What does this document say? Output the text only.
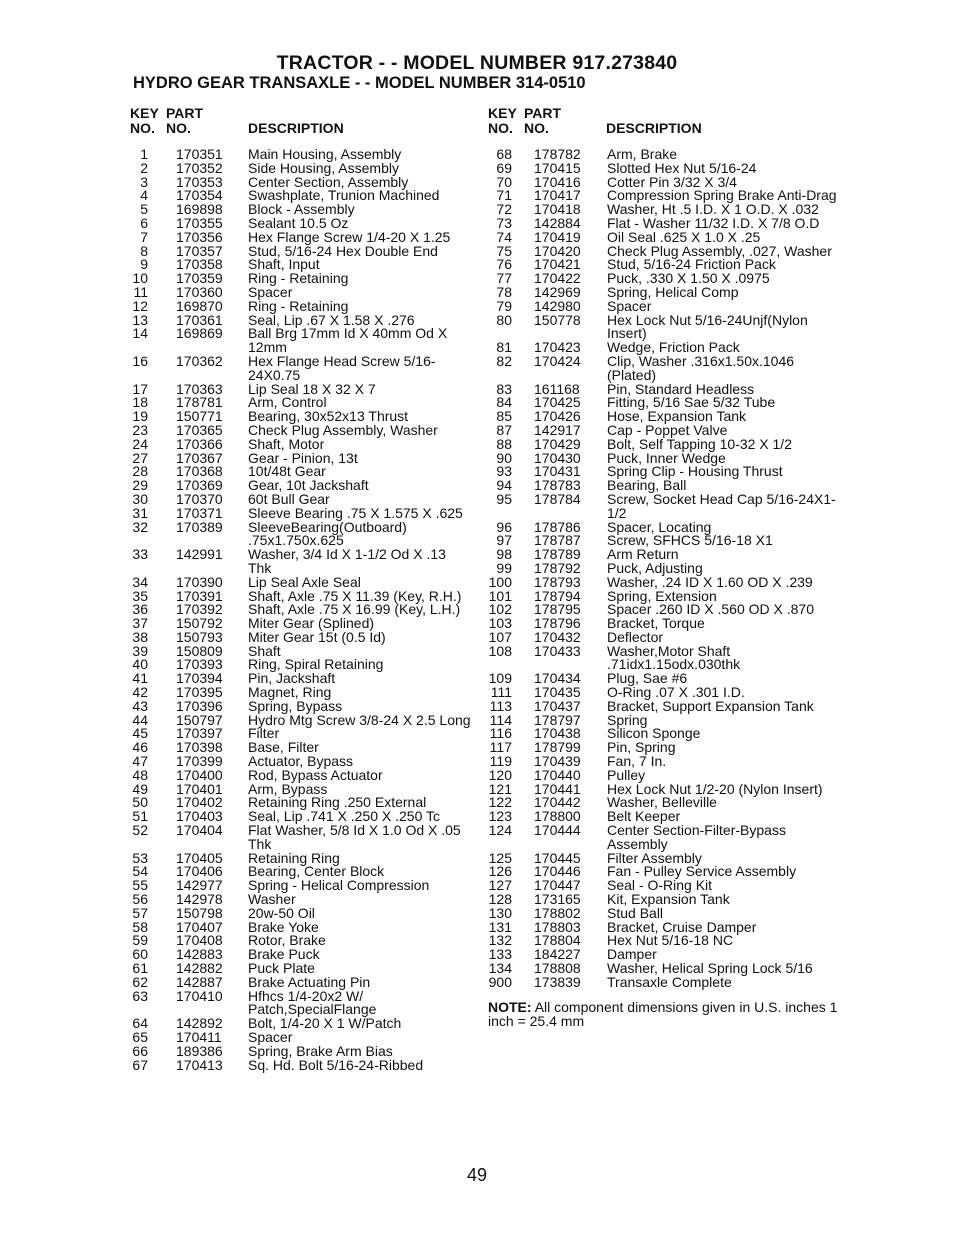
TRACTOR - - MODEL NUMBER 917.273840
HYDRO GEAR TRANSAXLE - - MODEL NUMBER 314-0510
KEY
NO.
PART
NO.	DESCRIPTION
1 170351 Main Housing, Assembly
2 170352 Side Housing, Assembly
3 170353 Center Section, Assembly
4 170354 Swashplate, Trunion Machined
5 169898 Block - Assembly
6 170355 Sealant 10.5 Oz
7 170356 Hex Flange Screw 1/4-20 X 1.25
8 170357 Stud, 5/16-24 Hex Double End
9 170358 Shaft, Input
10 170359 Ring - Retaining
11 170360 Spacer
12 169870 Ring - Retaining
13 170361 Seal, Lip .67 X 1.58 X .276
14 169869 Ball Brg 17mm Id X 40mm Od X 12mm
16 170362 Hex Flange Head Screw 5/16-24X0.75
17 170363 Lip Seal 18 X 32 X 7
18 178781 Arm, Control
19 150771 Bearing, 30x52x13 Thrust
23 170365 Check Plug Assembly, Washer
24 170366 Shaft, Motor
27 170367 Gear - Pinion, 13t
28 170368 10t/48t Gear
29 170369 Gear, 10t Jackshaft
30 170370 60t Bull Gear
31 170371 Sleeve Bearing .75 X 1.575 X .625
32 170389 SleeveBearing(Outboard) .75x1.750x.625
33 142991 Washer, 3/4 Id X 1-1/2 Od X .13 Thk
34 170390 Lip Seal Axle Seal
35 170391 Shaft, Axle .75 X 11.39 (Key, R.H.)
36 170392 Shaft, Axle .75 X 16.99 (Key, L.H.)
37 150792 Miter Gear (Splined)
38 150793 Miter Gear 15t (0.5 Id)
39 150809 Shaft
40 170393 Ring, Spiral Retaining
41 170394 Pin, Jackshaft
42 170395 Magnet, Ring
43 170396 Spring, Bypass
44 150797 Hydro Mtg Screw 3/8-24 X 2.5 Long
45 170397 Filter
46 170398 Base, Filter
47 170399 Actuator, Bypass
48 170400 Rod, Bypass Actuator
49 170401 Arm, Bypass
50 170402 Retaining Ring .250 External
51 170403 Seal, Lip .741 X .250 X .250 Tc
52 170404 Flat Washer, 5/8 Id X 1.0 Od X .05 Thk
53 170405 Retaining Ring
54 170406 Bearing, Center Block
55 142977 Spring - Helical Compression
56 142978 Washer
57 150798 20w-50 Oil
58 170407 Brake Yoke
59 170408 Rotor, Brake
60 142883 Brake Puck
61 142882 Puck Plate
62 142887 Brake Actuating Pin
63 170410 Hfhcs 1/4-20x2 W/ Patch,SpecialFlange
64 142892 Bolt, 1/4-20 X 1 W/Patch
65 170411 Spacer
66 189386 Spring, Brake Arm Bias
67 170413 Sq. Hd. Bolt 5/16-24-Ribbed
KEY
NO.
PART
NO.	DESCRIPTION
68 178782 Arm, Brake
69 170415 Slotted Hex Nut 5/16-24
70 170416 Cotter Pin 3/32 X 3/4
71 170417 Compression Spring Brake Anti-Drag
72 170418 Washer, Ht .5 I.D. X 1 O.D. X .032
73 142884 Flat - Washer 11/32 I.D. X 7/8 O.D
74 170419 Oil Seal .625 X 1.0 X .25
75 170420 Check Plug Assembly, .027, Washer
76 170421 Stud, 5/16-24 Friction Pack
77 170422 Puck, .330 X 1.50 X .0975
78 142969 Spring, Helical Comp
79 142980 Spacer
80 150778 Hex Lock Nut 5/16-24Unjf(Nylon Insert)
81 170423 Wedge, Friction Pack
82 170424 Clip, Washer .316x1.50x.1046 (Plated)
83 161168 Pin, Standard Headless
84 170425 Fitting, 5/16 Sae 5/32 Tube
85 170426 Hose, Expansion Tank
87 142917 Cap - Poppet Valve
88 170429 Bolt, Self Tapping 10-32 X 1/2
90 170430 Puck, Inner Wedge
93 170431 Spring Clip - Housing Thrust
94 178783 Bearing, Ball
95 178784 Screw, Socket Head Cap 5/16-24X1-1/2
96 178786 Spacer, Locating
97 178787 Screw, SFHCS 5/16-18 X1
98 178789 Arm Return
99 178792 Puck, Adjusting
100 178793 Washer, .24 ID X 1.60 OD X .239
101 178794 Spring, Extension
102 178795 Spacer .260 ID X .560 OD X .870
103 178796 Bracket, Torque
107 170432 Deflector
108 170433 Washer,Motor Shaft .71idx1.15odx.030thk
109 170434 Plug, Sae #6
111 170435 O-Ring .07 X .301 I.D.
113 170437 Bracket, Support Expansion Tank
114 178797 Spring
116 170438 Silicon Sponge
117 178799 Pin, Spring
119 170439 Fan, 7 In.
120 170440 Pulley
121 170441 Hex Lock Nut 1/2-20 (Nylon Insert)
122 170442 Washer, Belleville
123 178800 Belt Keeper
124 170444 Center Section-Filter-Bypass Assembly
125 170445 Filter Assembly
126 170446 Fan - Pulley Service Assembly
127 170447 Seal - O-Ring Kit
128 173165 Kit, Expansion Tank
130 178802 Stud Ball
131 178803 Bracket, Cruise Damper
132 178804 Hex Nut 5/16-18 NC
133 184227 Damper
134 178808 Washer, Helical Spring Lock 5/16
900 173839 Transaxle Complete
NOTE: All component dimensions given in U.S. inches 1 inch = 25.4 mm
49
